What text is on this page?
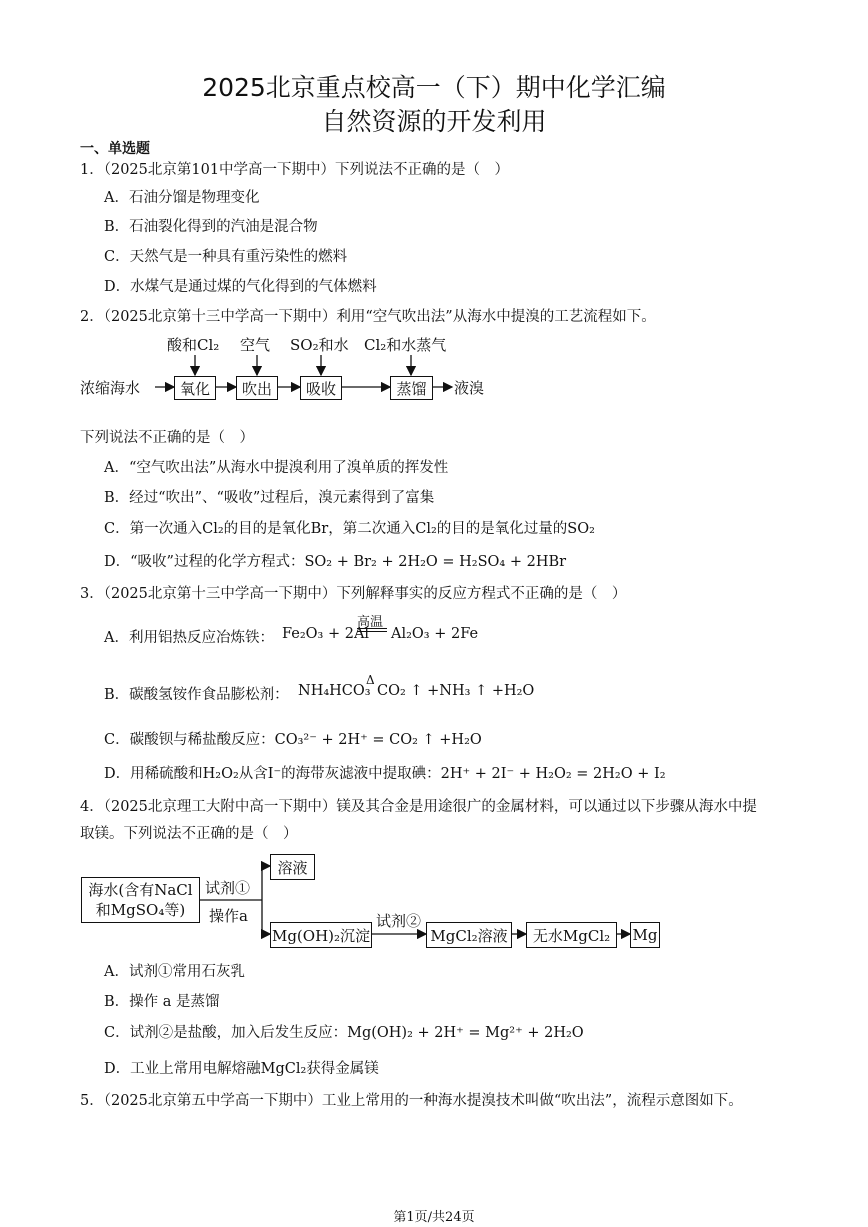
2025北京重点校高一（下）期中化学汇编
自然资源的开发利用
一、单选题
1．（2025北京第101中学高一下期中）下列说法不正确的是（　）
A．石油分馏是物理变化
B．石油裂化得到的汽油是混合物
C．天然气是一种具有重污染性的燃料
D．水煤气是通过煤的气化得到的气体燃料
2．（2025北京第十三中学高一下期中）利用“空气吹出法”从海水中提溴的工艺流程如下。
浓缩海水	氧化	吹出	吸收	蒸馏	液溴
酸和Cl₂ 空气 SO₂和水 Cl₂和水蒸气
下列说法不正确的是（　）
A．“空气吹出法”从海水中提溴利用了溴单质的挥发性
B．经过“吹出”、“吸收”过程后，溴元素得到了富集
C．第一次通入Cl₂的目的是氧化Br，第二次通入Cl₂的目的是氧化过量的SO₂
D．“吸收”过程的化学方程式：SO₂ + Br₂ + 2H₂O = H₂SO₄ + 2HBr
3．（2025北京第十三中学高一下期中）下列解释事实的反应方程式不正确的是（　）
A．利用铝热反应冶炼铁： Fe₂O₃ + 2Al
高温
Al₂O₃ + 2Fe
B．碳酸氢铵作食品膨松剂： NH₄HCO₃
Δ
CO₂ ↑ +NH₃ ↑ +H₂O
C．碳酸钡与稀盐酸反应：CO₃²⁻ + 2H⁺ = CO₂ ↑ +H₂O
D．用稀硫酸和H₂O₂从含I⁻的海带灰滤液中提取碘：2H⁺ + 2I⁻ + H₂O₂ = 2H₂O + I₂
4．（2025北京理工大附中高一下期中）镁及其合金是用途很广的金属材料，可以通过以下步骤从海水中提
取镁。下列说法不正确的是（　）
海水(含有NaCl
和MgSO₄等)
试剂①
操作a
溶液
Mg(OH)₂沉淀
试剂②
MgCl₂溶液	无水MgCl₂	Mg
A．试剂①常用石灰乳
B．操作 a 是蒸馏
C．试剂②是盐酸，加入后发生反应：Mg(OH)₂ + 2H⁺ = Mg²⁺ + 2H₂O
D．工业上常用电解熔融MgCl₂获得金属镁
5．（2025北京第五中学高一下期中）工业上常用的一种海水提溴技术叫做“吹出法”，流程示意图如下。
第1页/共24页
